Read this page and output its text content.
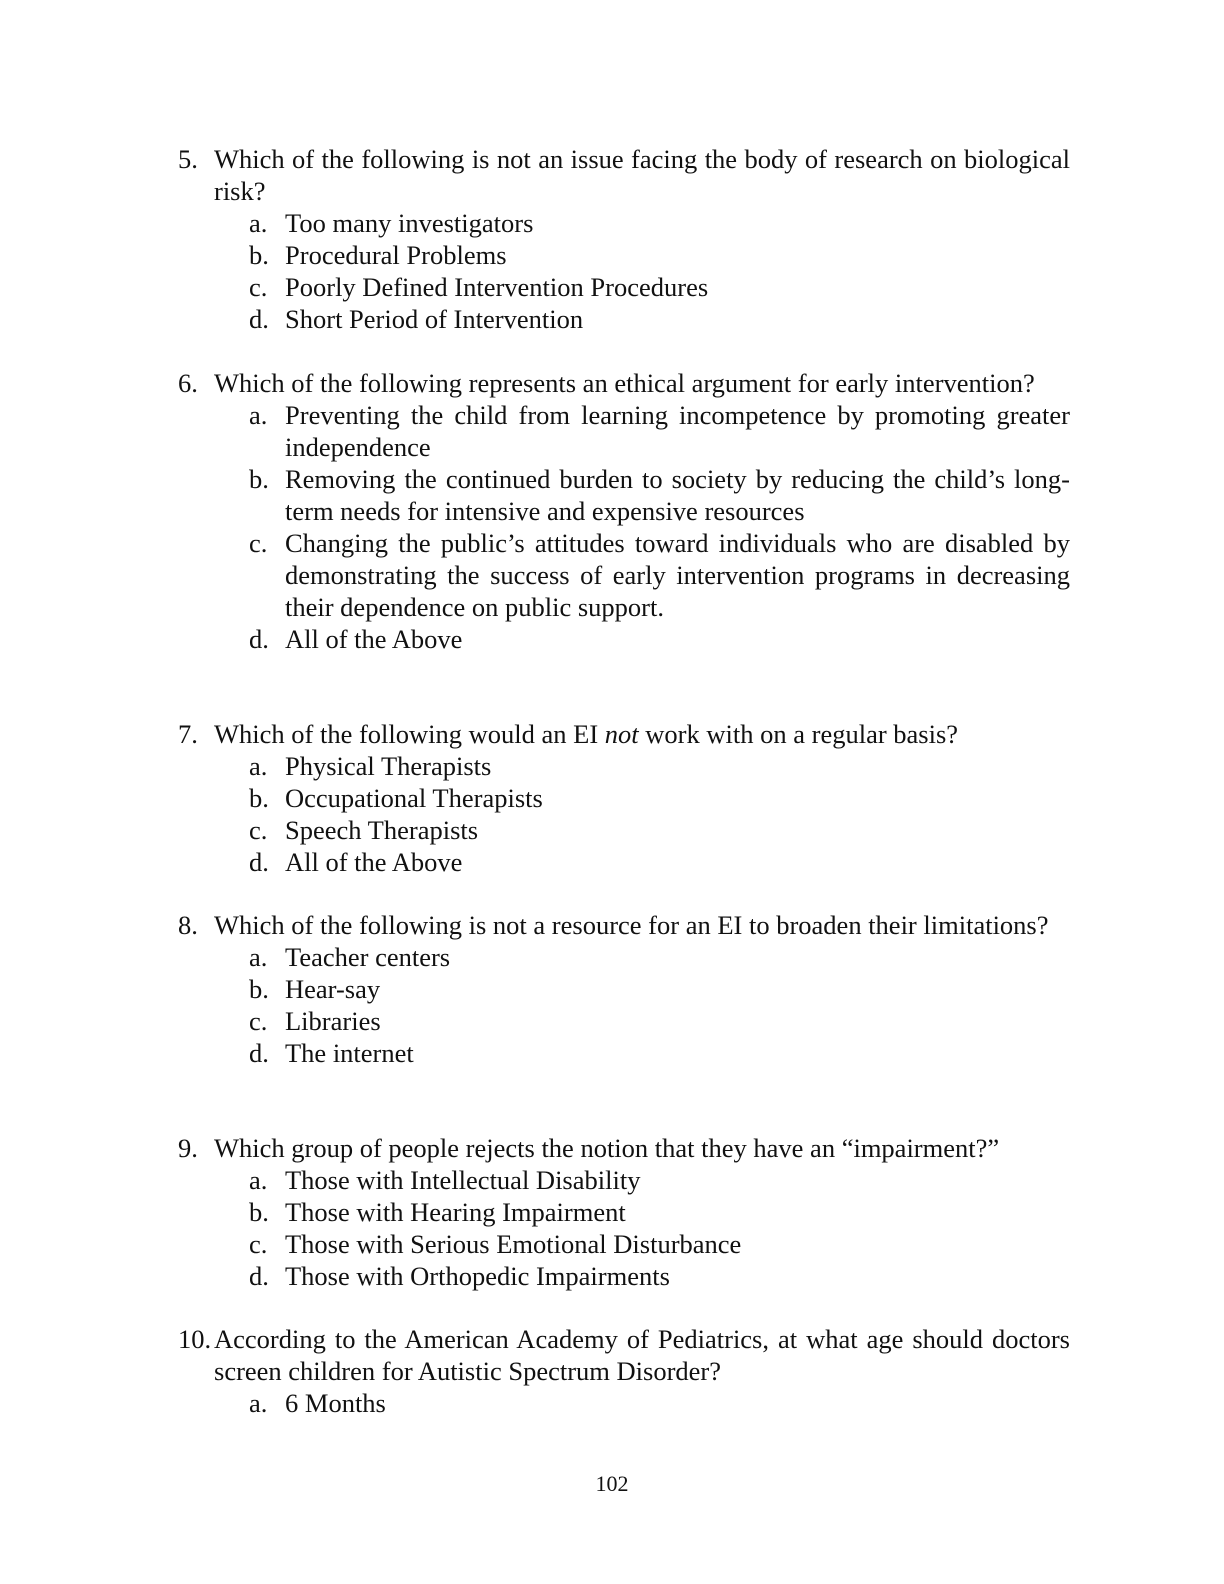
5. Which of the following is not an issue facing the body of research on biological risk?
a. Too many investigators
b. Procedural Problems
c. Poorly Defined Intervention Procedures
d. Short Period of Intervention
6. Which of the following represents an ethical argument for early intervention?
a. Preventing the child from learning incompetence by promoting greater independence
b. Removing the continued burden to society by reducing the child’s long-term needs for intensive and expensive resources
c. Changing the public’s attitudes toward individuals who are disabled by demonstrating the success of early intervention programs in decreasing their dependence on public support.
d. All of the Above
7. Which of the following would an EI not work with on a regular basis?
a. Physical Therapists
b. Occupational Therapists
c. Speech Therapists
d. All of the Above
8. Which of the following is not a resource for an EI to broaden their limitations?
a. Teacher centers
b. Hear-say
c. Libraries
d. The internet
9. Which group of people rejects the notion that they have an “impairment?”
a. Those with Intellectual Disability
b. Those with Hearing Impairment
c. Those with Serious Emotional Disturbance
d. Those with Orthopedic Impairments
10. According to the American Academy of Pediatrics, at what age should doctors screen children for Autistic Spectrum Disorder?
a. 6 Months
102
